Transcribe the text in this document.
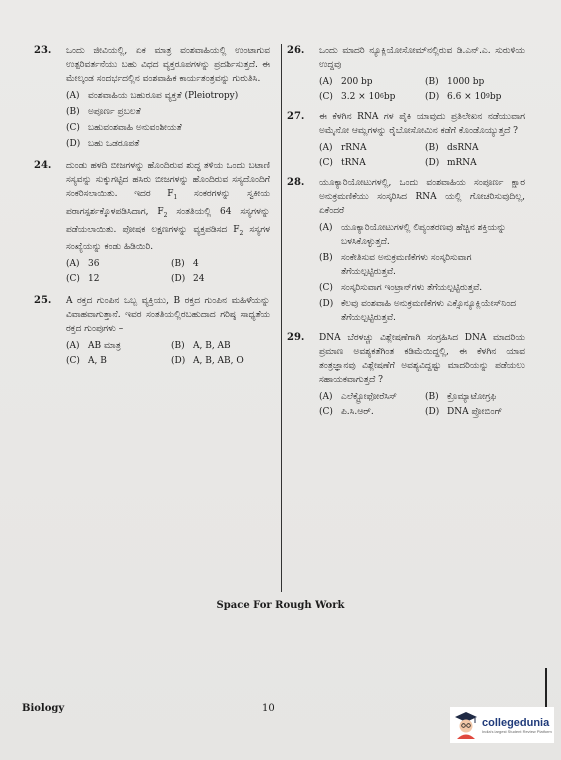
23. ಒಂದು ಜೀವಿಯಲ್ಲಿ, ಏಕ ಮಾತ್ರ ವಂಶವಾಹಿಯಲ್ಲಿ ಉಂಟಾಗುವ ಉತ್ಪರಿವರ್ತನೆಯು ಬಹು ವಿಧದ ವ್ಯಕ್ತರೂಪಗಳನ್ನು ಪ್ರದರ್ಶಿಸುತ್ತದೆ. ಈ ಮೇಲ್ಕಂಡ ಸಂದರ್ಭದಲ್ಲಿನ ವಂಶವಾಹಿಕ ಕಾರ್ಯತಂತ್ರವನ್ನು ಗುರುತಿಸಿ.
(A) ವಂಶವಾಹಿಯ ಬಹುರೂಪ ವ್ಯಕ್ತತೆ (Pleiotropy)
(B) ಅಪೂರ್ಣ ಪ್ರಬಲತೆ
(C) ಬಹುವಂಶವಾಹಿ ಅನುವಂಶೀಯತೆ
(D) ಬಹು ಒಡರೂಪತೆ
24. ದುಂಡು ಹಳದಿ ಬೀಜಗಳನ್ನು ಹೊಂದಿರುವ ಶುದ್ಧ ತಳಿಯ ಒಂದು ಬಟಾಣಿ ಸಸ್ಯವನ್ನು ಸುಕ್ಕುಗಟ್ಟಿದ ಹಸಿರು ಬೀಜಗಳನ್ನು ಹೊಂದಿರುವ ಸಸ್ಯದೊಂದಿಗೆ ಸಂಕರಿಸಲಾಯಿತು. ಇದರ $F_1$ ಸಂಕರಗಳನ್ನು ಸ್ವಕೀಯ ಪರಾಗಸ್ಪರ್ಶಕ್ಕೊಳಪಡಿಸಿದಾಗ, $F_2$ ಸಂತತಿಯಲ್ಲಿ 64 ಸಸ್ಯಗಳನ್ನು ಪಡೆಯಲಾಯಿತು. ಪೋಷಕ ಲಕ್ಷಣಗಳನ್ನು ವ್ಯಕ್ತಪಡಿಸದ $F_2$ ಸಸ್ಯಗಳ ಸಂಖ್ಯೆಯನ್ನು ಕಂಡು ಹಿಡಿಯಿರಿ.
(A) 36	(B) 4
(C) 12	(D) 24
25. A ರಕ್ತದ ಗುಂಪಿನ ಒಬ್ಬ ವ್ಯಕ್ತಿಯು, B ರಕ್ತದ ಗುಂಪಿನ ಮಹಿಳೆಯನ್ನು ವಿವಾಹವಾಗುತ್ತಾನೆ. ಇವರ ಸಂತತಿಯಲ್ಲಿರಬಹುದಾದ ಗರಿಷ್ಠ ಸಾಧ್ಯತೆಯ ರಕ್ತದ ಗುಂಪುಗಳು –
(A) AB ಮಾತ್ರ	(B) A, B, AB
(C) A, B	(D) A, B, AB, O
26. ಒಂದು ಮಾದರಿ ನ್ಯೂಕ್ಲಿಯೋಸೋಮ್‌ನಲ್ಲಿರುವ ಡಿ.ಎನ್.ಎ. ಸುರುಳಿಯ ಉದ್ದವು
(A) 200 bp	(B) 1000 bp
(C) 3.2 × 10 6 bp	(D) 6.6 × 10 9 bp
27. ಈ ಕೆಳಗಿನ RNA ಗಳ ಪೈಕಿ ಯಾವುದು ಪ್ರತಿಲೇಖನ ನಡೆಯುವಾಗ ಅಮೈನೋ ಆಮ್ಲಗಳನ್ನು ರೈಬೋಸೋಮಿನ ಕಡೆಗೆ ಕೊಂಡೊಯ್ಯುತ್ತದೆ ?
(A) rRNA	(B) dsRNA
(C) tRNA	(D) mRNA
28. ಯೂಕ್ಯಾರಿಯೋಟುಗಳಲ್ಲಿ, ಒಂದು ವಂಶವಾಹಿಯ ಸಂಪೂರ್ಣ ಕ್ಷಾರ ಅನುಕ್ರಮಣಿಕೆಯು ಸಂಸ್ಕರಿಸಿದ RNA ಯಲ್ಲಿ ಗೋಚರಿಸುವುದಿಲ್ಲ, ಏಕೆಂದರೆ
(A) ಯೂಕ್ಯಾರಿಯೋಟುಗಳಲ್ಲಿ ಲಿಪ್ಯಂತರಣವು ಹೆಚ್ಚಿನ ಶಕ್ತಿಯನ್ನು ಬಳಸಿಕೊಳ್ಳುತ್ತದೆ.
(B) ಸಂಕೇತಿಸುವ ಅನುಕ್ರಮಣಿಕೆಗಳು ಸಂಸ್ಕರಿಸುವಾಗ ತೆಗೆಯಲ್ಪಟ್ಟಿರುತ್ತವೆ.
(C) ಸಂಸ್ಕರಿಸುವಾಗ ಇಂಟ್ರಾನ್‌ಗಳು ತೆಗೆಯಲ್ಪಟ್ಟಿರುತ್ತವೆ.
(D) ಕೆಲವು ವಂಶವಾಹಿ ಅನುಕ್ರಮಣಿಕೆಗಳು ಎಕ್ಸೊನ್ಯೂಕ್ಲಿಯೇಸ್‌ನಿಂದ ತೆಗೆಯಲ್ಪಟ್ಟಿರುತ್ತವೆ.
29. DNA ಬೆರಳಚ್ಚು ವಿಶ್ಲೇಷಣೆಗಾಗಿ ಸಂಗ್ರಹಿಸಿದ DNA ಮಾದರಿಯ ಪ್ರಮಾಣ ಅವಶ್ಯಕತೆಗಿಂತ ಕಡಿಮೆಯಿದ್ದಲ್ಲಿ, ಈ ಕೆಳಗಿನ ಯಾವ ತಂತ್ರಜ್ಞಾನವು ವಿಶ್ಲೇಷಣೆಗೆ ಅವಶ್ಯವಿದ್ದಷ್ಟು ಮಾದರಿಯನ್ನು ಪಡೆಯಲು ಸಹಾಯಕವಾಗುತ್ತದೆ ?
(A) ಎಲೆಕ್ಟ್ರೋಫೋರೆಸಿಸ್	(B) ಕ್ರೊಮ್ಯಾಟೋಗ್ರಫಿ
(C) ಪಿ.ಸಿ.ಆರ್.	(D) DNA ಪ್ರೋಬಿಂಗ್
Space For Rough Work
Biology	10
collegedunia
India's largest Student Review Platform
